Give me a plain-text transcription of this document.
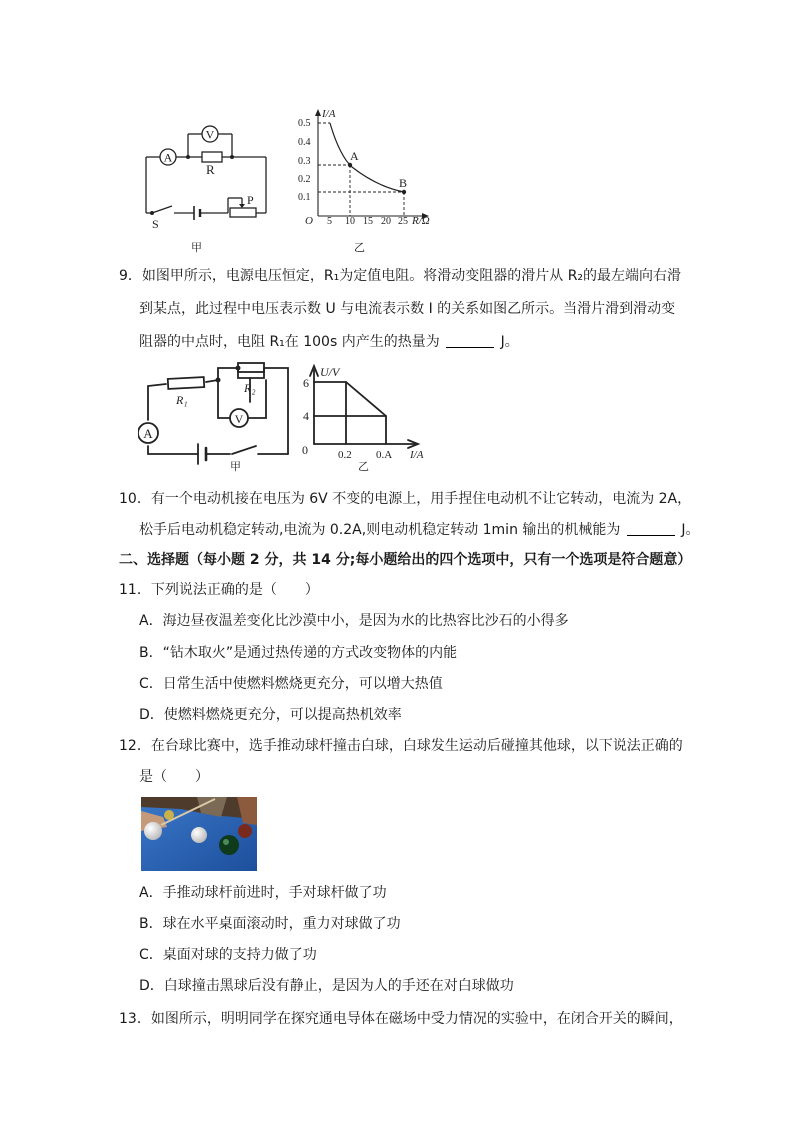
A
V
R
S
P
甲
I/A
0.5
0.4
0.3
0.2
0.1
O 5 10 15 20 25 R/Ω
A
B
乙
9．如图甲所示，电源电压恒定，R₁为定值电阻。将滑动变阻器的滑片从 R₂的最左端向右滑
到某点，此过程中电压表示数 U 与电流表示数 I 的关系如图乙所示。当滑片滑到滑动变
阻器的中点时，电阻 R₁在 100s 内产生的热量为	J。
A
V
R₁
R₂
甲
U/V
6
4
0	0.2 0.A I/A
乙
10．有一个电动机接在电压为 6V 不变的电源上，用手捏住电动机不让它转动，电流为 2A，
松手后电动机稳定转动,电流为 0.2A,则电动机稳定转动 1min 输出的机械能为	J。
二、选择题（每小题 2 分，共 14 分;每小题给出的四个选项中，只有一个选项是符合题意）
11．下列说法正确的是（　　）
A．海边昼夜温差变化比沙漠中小，是因为水的比热容比沙石的小得多
B．“钻木取火”是通过热传递的方式改变物体的内能
C．日常生活中使燃料燃烧更充分，可以增大热值
D．使燃料燃烧更充分，可以提高热机效率
12．在台球比赛中，选手推动球杆撞击白球，白球发生运动后碰撞其他球，以下说法正确的
是（　　）
A．手推动球杆前进时，手对球杆做了功
B．球在水平桌面滚动时，重力对球做了功
C．桌面对球的支持力做了功
D．白球撞击黑球后没有静止，是因为人的手还在对白球做功
13．如图所示，明明同学在探究通电导体在磁场中受力情况的实验中，在闭合开关的瞬间，
